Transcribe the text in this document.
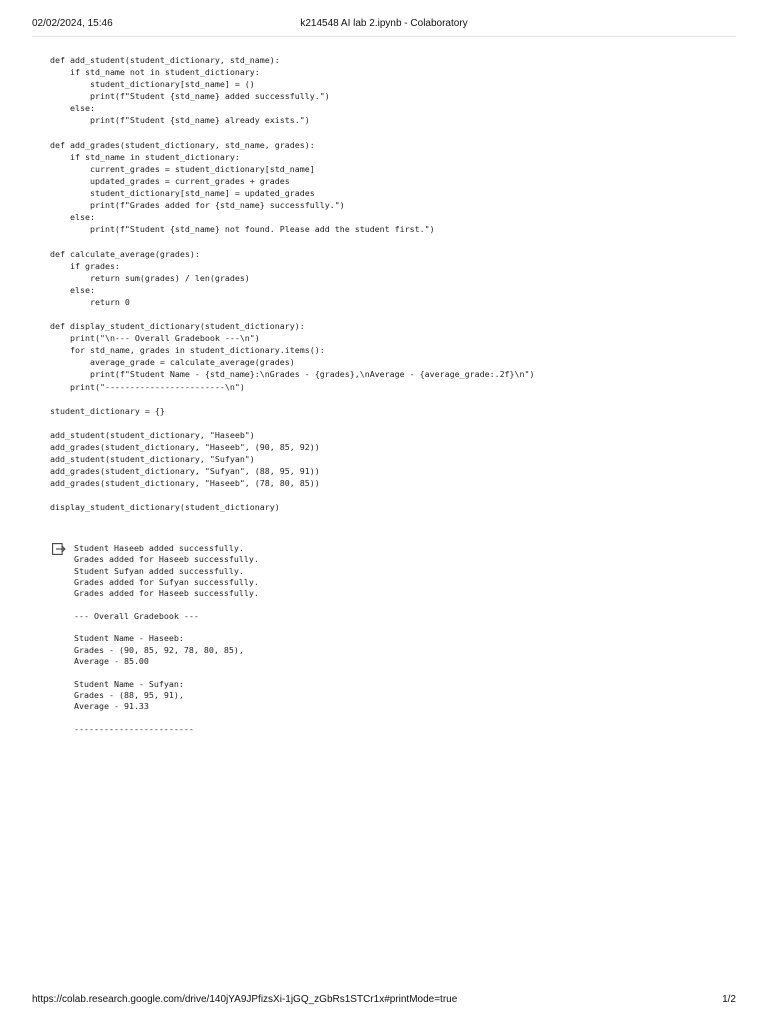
02/02/2024, 15:46	k214548 AI lab 2.ipynb - Colaboratory
def add_student(student_dictionary, std_name):
if std_name not in student_dictionary:
student_dictionary[std_name] = ()
print(f"Student {std_name} added successfully.")
else:
print(f"Student {std_name} already exists.")

def add_grades(student_dictionary, std_name, grades):
if std_name in student_dictionary:
current_grades = student_dictionary[std_name]
updated_grades = current_grades + grades
student_dictionary[std_name] = updated_grades
print(f"Grades added for {std_name} successfully.")
else:
print(f"Student {std_name} not found. Please add the student first.")

def calculate_average(grades):
if grades:
return sum(grades) / len(grades)
else:
return 0

def display_student_dictionary(student_dictionary):
print("\n--- Overall Gradebook ---\n")
for std_name, grades in student_dictionary.items():
average_grade = calculate_average(grades)
print(f"Student Name - {std_name}:\nGrades - {grades},\nAverage - {average_grade:.2f}\n")
print("------------------------\n")

student_dictionary = {}

add_student(student_dictionary, "Haseeb")
add_grades(student_dictionary, "Haseeb", (90, 85, 92))
add_student(student_dictionary, "Sufyan")
add_grades(student_dictionary, "Sufyan", (88, 95, 91))
add_grades(student_dictionary, "Haseeb", (78, 80, 85))

display_student_dictionary(student_dictionary)
Student Haseeb added successfully.
Grades added for Haseeb successfully.
Student Sufyan added successfully.
Grades added for Sufyan successfully.
Grades added for Haseeb successfully.

--- Overall Gradebook ---

Student Name - Haseeb:
Grades - (90, 85, 92, 78, 80, 85),
Average - 85.00

Student Name - Sufyan:
Grades - (88, 95, 91),
Average - 91.33

------------------------
https://colab.research.google.com/drive/140jYA9JPfizsXi-1jGQ_zGbRs1STCr1x#printMode=true	1/2
